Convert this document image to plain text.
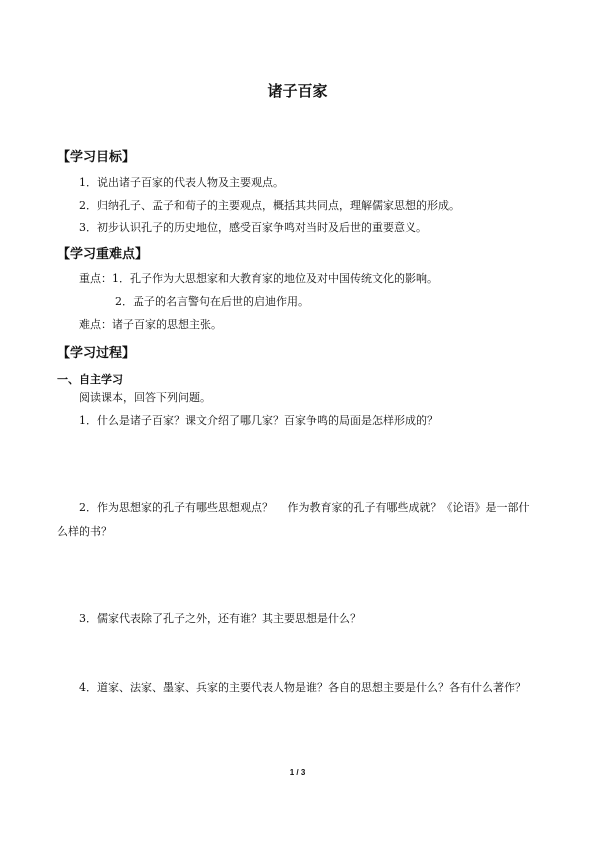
诸子百家
【学习目标】
1．说出诸子百家的代表人物及主要观点。
2．归纳孔子、孟子和荀子的主要观点，概括其共同点，理解儒家思想的形成。
3．初步认识孔子的历史地位，感受百家争鸣对当时及后世的重要意义。
【学习重难点】
重点：1．孔子作为大思想家和大教育家的地位及对中国传统文化的影响。
2．孟子的名言警句在后世的启迪作用。
难点：诸子百家的思想主张。
【学习过程】
一、自主学习
阅读课本，回答下列问题。
1．什么是诸子百家？课文介绍了哪几家？百家争鸣的局面是怎样形成的？
2．作为思想家的孔子有哪些思想观点？　 作为教育家的孔子有哪些成就？《论语》是一部什么样的书？
3．儒家代表除了孔子之外，还有谁？其主要思想是什么？
4．道家、法家、墨家、兵家的主要代表人物是谁？各自的思想主要是什么？各有什么著作？
1 / 3
